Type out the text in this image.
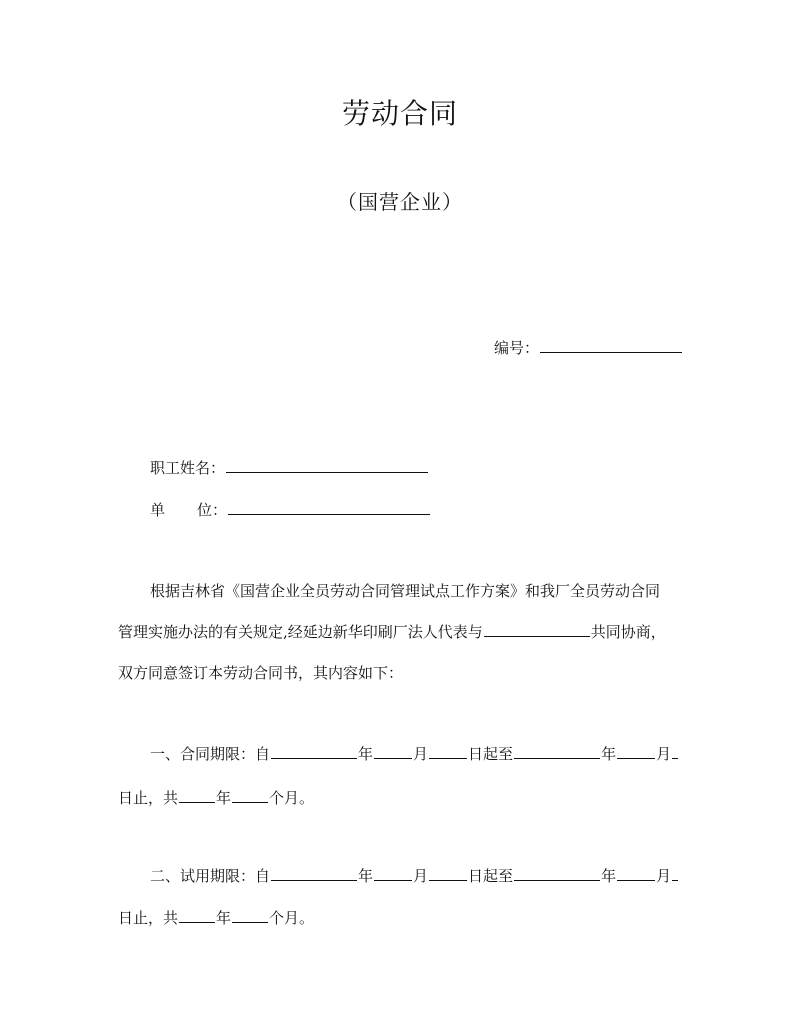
劳动合同
（国营企业）
编号：
职工姓名：
单 位：
根据吉林省《国营企业全员劳动合同管理试点工作方案》和我厂全员劳动合同
管理实施办法的有关规定,经延边新华印刷厂法人代表与	共同协商，
双方同意签订本劳动合同书，其内容如下：
一、合同期限：自	年	月	日起至	年	月
日止，共	年	个月。
二、试用期限：自	年	月	日起至	年	月
日止，共	年	个月。
